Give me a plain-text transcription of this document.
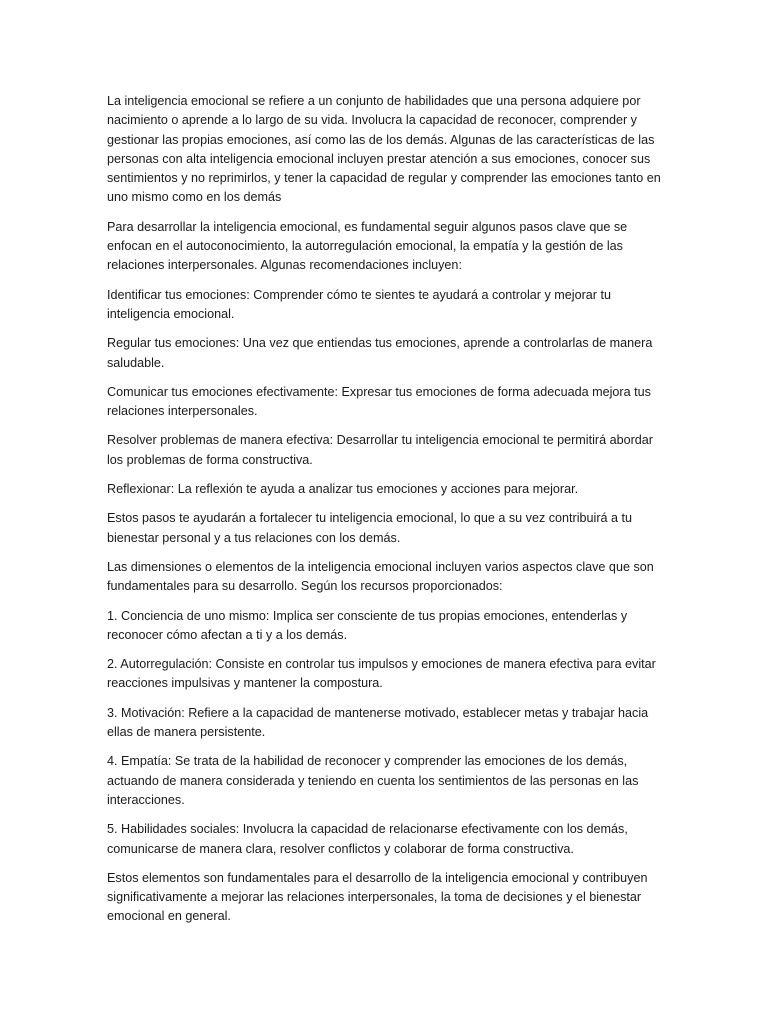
La inteligencia emocional se refiere a un conjunto de habilidades que una persona adquiere por nacimiento o aprende a lo largo de su vida. Involucra la capacidad de reconocer, comprender y gestionar las propias emociones, así como las de los demás. Algunas de las características de las personas con alta inteligencia emocional incluyen prestar atención a sus emociones, conocer sus sentimientos y no reprimirlos, y tener la capacidad de regular y comprender las emociones tanto en uno mismo como en los demás

Para desarrollar la inteligencia emocional, es fundamental seguir algunos pasos clave que se enfocan en el autoconocimiento, la autorregulación emocional, la empatía y la gestión de las relaciones interpersonales. Algunas recomendaciones incluyen:

Identificar tus emociones: Comprender cómo te sientes te ayudará a controlar y mejorar tu inteligencia emocional.

Regular tus emociones: Una vez que entiendas tus emociones, aprende a controlarlas de manera saludable.

Comunicar tus emociones efectivamente: Expresar tus emociones de forma adecuada mejora tus relaciones interpersonales.

Resolver problemas de manera efectiva: Desarrollar tu inteligencia emocional te permitirá abordar los problemas de forma constructiva.

Reflexionar: La reflexión te ayuda a analizar tus emociones y acciones para mejorar.

Estos pasos te ayudarán a fortalecer tu inteligencia emocional, lo que a su vez contribuirá a tu bienestar personal y a tus relaciones con los demás.

Las dimensiones o elementos de la inteligencia emocional incluyen varios aspectos clave que son fundamentales para su desarrollo. Según los recursos proporcionados:

1. Conciencia de uno mismo: Implica ser consciente de tus propias emociones, entenderlas y reconocer cómo afectan a ti y a los demás.

2. Autorregulación: Consiste en controlar tus impulsos y emociones de manera efectiva para evitar reacciones impulsivas y mantener la compostura.

3. Motivación: Refiere a la capacidad de mantenerse motivado, establecer metas y trabajar hacia ellas de manera persistente.

4. Empatía: Se trata de la habilidad de reconocer y comprender las emociones de los demás, actuando de manera considerada y teniendo en cuenta los sentimientos de las personas en las interacciones.

5. Habilidades sociales: Involucra la capacidad de relacionarse efectivamente con los demás, comunicarse de manera clara, resolver conflictos y colaborar de forma constructiva.

Estos elementos son fundamentales para el desarrollo de la inteligencia emocional y contribuyen significativamente a mejorar las relaciones interpersonales, la toma de decisiones y el bienestar emocional en general.
